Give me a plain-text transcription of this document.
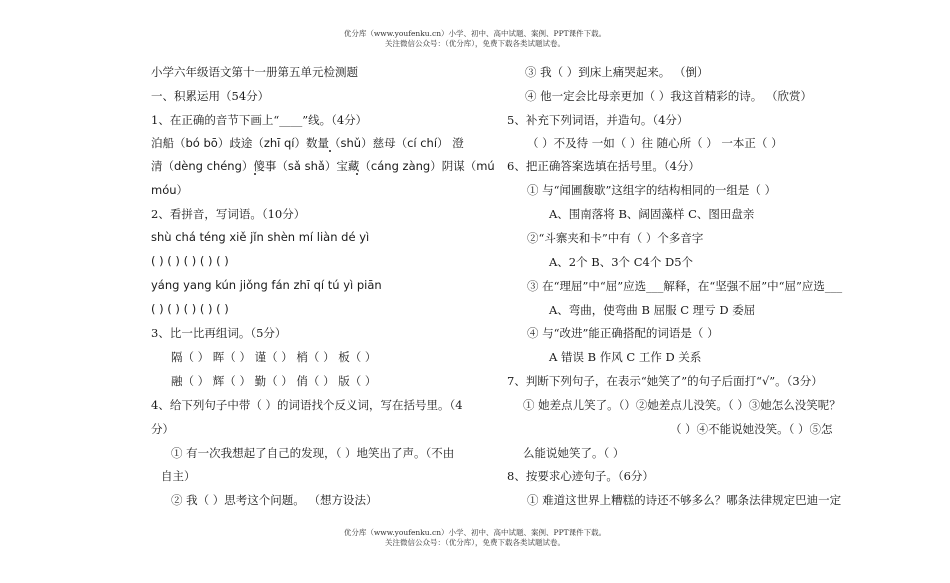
优分库（www.youfenku.cn）小学、初中、高中试题、案例、PPT课件下载。
关注微信公众号：（优分库），免费下载各类试题试卷。
小学六年级语文第十一册第五单元检测题
一、积累运用（54分）
1、在正确的音节下画上“____”线。（4分）
泊船（bó bō）歧途（zhī qí）数量（shǔ）慈母（cí chí） 澄
清（dèng chéng）傻事（sǎ shǎ）宝藏（cáng zàng）阴谋（mú
móu）
2、看拼音，写词语。（10分）
shù chá téng xiě jǐn shèn mí liàn dé yì
( ) ( ) ( ) ( ) ( )
yáng yang kún jiǒng fán zhī qí tú yì piān
( ) ( ) ( ) ( ) ( )
3、比一比再组词。（5分）
隔（ ） 晖（ ） 谨（ ） 梢（ ） 板（ ）
融（ ） 辉（ ） 勤（ ） 俏（ ） 版（ ）
4、给下列句子中带（ ）的词语找个反义词，写在括号里。（4
分）
① 有一次我想起了自己的发现，（ ）地笑出了声。（不由
自主）
② 我（ ）思考这个问题。 （想方设法）
③ 我（ ）到床上痛哭起来。 （倒）
④ 他一定会比母亲更加（ ）我这首精彩的诗。 （欣赏）
5、补充下列词语，并造句。（4分）
（ ）不及待 一如（ ）往 随心所（ ） 一本正（ ）
6、把正确答案选填在括号里。（4分）
① 与“闻圃馥歇”这组字的结构相同的一组是（ ）
A、围南落将 B、阔固藻样 C、图田盘亲
②“斗寨夹和卡”中有（ ）个多音字
A、2个 B、3个 C4个 D5个
③ 在“理屈”中“屈”应选___解释，在“坚强不屈”中“屈”应选___
A、弯曲，使弯曲 B 屈服 C 理亏 D 委屈
④ 与“改进”能正确搭配的词语是（ ）
A 错误 B 作风 C 工作 D 关系
7、判断下列句子，在表示“她笑了”的句子后面打“√”。（3分）
① 她差点儿笑了。（）②她差点儿没笑。（ ）③她怎么没笑呢？
（ ）④不能说她没笑。（ ）⑤怎
么能说她笑了。（ ）
8、按要求心迹句子。（6分）
① 难道这世界上糟糕的诗还不够多么？哪条法律规定巴迪一定
优分库（www.youfenku.cn）小学、初中、高中试题、案例、PPT课件下载。
关注微信公众号：（优分库），免费下载各类试题试卷。
